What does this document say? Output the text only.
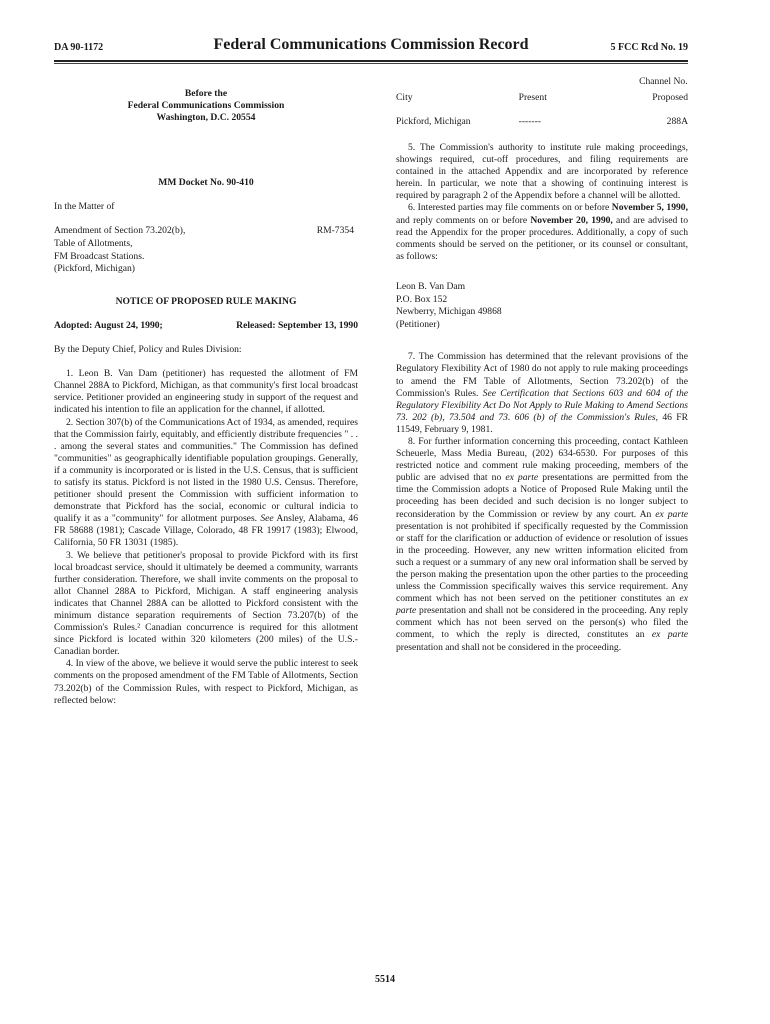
DA 90-1172	Federal Communications Commission Record	5 FCC Rcd No. 19
Before the
Federal Communications Commission
Washington, D.C. 20554
MM Docket No. 90-410
In the Matter of
Amendment of Section 73.202(b),
Table of Allotments,
FM Broadcast Stations.
(Pickford, Michigan)
RM-7354
NOTICE OF PROPOSED RULE MAKING
Adopted: August 24, 1990;	Released: September 13, 1990

By the Deputy Chief, Policy and Rules Division:

1. Leon B. Van Dam (petitioner) has requested the allotment of FM Channel 288A to Pickford, Michigan, as that community's first local broadcast service. Petitioner provided an engineering study in support of the request and indicated his intention to file an application for the channel, if allotted.

2. Section 307(b) of the Communications Act of 1934, as amended, requires that the Commission fairly, equitably, and efficiently distribute frequencies " . . . among the several states and communities." The Commission has defined "communities" as geographically identifiable population groupings. Generally, if a community is incorporated or is listed in the U.S. Census, that is sufficient to satisfy its status. Pickford is not listed in the 1980 U.S. Census. Therefore, petitioner should present the Commission with sufficient information to demonstrate that Pickford has the social, economic or cultural indicia to qualify it as a "community" for allotment purposes. See Ansley, Alabama, 46 FR 58688 (1981); Cascade Village, Colorado, 48 FR 19917 (1983); Elwood, California, 50 FR 13031 (1985).

3. We believe that petitioner's proposal to provide Pickford with its first local broadcast service, should it ultimately be deemed a community, warrants further consideration. Therefore, we shall invite comments on the proposal to allot Channel 288A to Pickford, Michigan. A staff engineering analysis indicates that Channel 288A can be allotted to Pickford consistent with the minimum distance separation requirements of Section 73.207(b) of the Commission's Rules.² Canadian concurrence is required for this allotment since Pickford is located within 320 kilometers (200 miles) of the U.S.-Canadian border.

4. In view of the above, we believe it would serve the public interest to seek comments on the proposed amendment of the FM Table of Allotments, Section 73.202(b) of the Commission Rules, with respect to Pickford, Michigan, as reflected below:

		Channel No.
City	Present	Proposed
Pickford, Michigan	-------	288A

5. The Commission's authority to institute rule making proceedings, showings required, cut-off procedures, and filing requirements are contained in the attached Appendix and are incorporated by reference herein. In particular, we note that a showing of continuing interest is required by paragraph 2 of the Appendix before a channel will be allotted.

6. Interested parties may file comments on or before November 5, 1990, and reply comments on or before November 20, 1990, and are advised to read the Appendix for the proper procedures. Additionally, a copy of such comments should be served on the petitioner, or its counsel or consultant, as follows:

Leon B. Van Dam
P.O. Box 152
Newberry, Michigan 49868
(Petitioner)

7. The Commission has determined that the relevant provisions of the Regulatory Flexibility Act of 1980 do not apply to rule making proceedings to amend the FM Table of Allotments, Section 73.202(b) of the Commission's Rules. See Certification that Sections 603 and 604 of the Regulatory Flexibility Act Do Not Apply to Rule Making to Amend Sections 73. 202 (b), 73.504 and 73. 606 (b) of the Commission's Rules, 46 FR 11549, February 9, 1981.

8. For further information concerning this proceeding, contact Kathleen Scheuerle, Mass Media Bureau, (202) 634-6530. For purposes of this restricted notice and comment rule making proceeding, members of the public are advised that no ex parte presentations are permitted from the time the Commission adopts a Notice of Proposed Rule Making until the proceeding has been decided and such decision is no longer subject to reconsideration by the Commission or review by any court. An ex parte presentation is not prohibited if specifically requested by the Commission or staff for the clarification or adduction of evidence or resolution of issues in the proceeding. However, any new written information elicited from such a request or a summary of any new oral information shall be served by the person making the presentation upon the other parties to the proceeding unless the Commission specifically waives this service requirement. Any comment which has not been served on the petitioner constitutes an ex parte presentation and shall not be considered in the proceeding. Any reply comment which has not been served on the person(s) who filed the comment, to which the reply is directed, constitutes an ex parte presentation and shall not be considered in the proceeding.

5514
